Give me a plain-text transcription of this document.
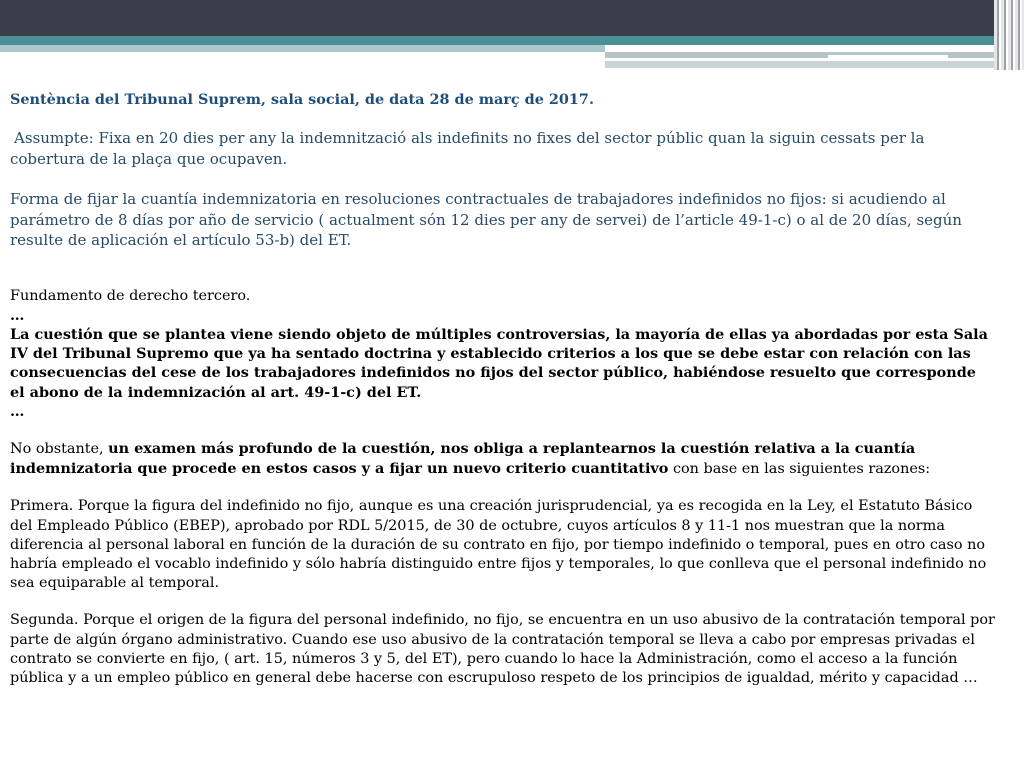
Sentència del Tribunal Suprem, sala social, de data 28 de març de 2017.

Assumpte: Fixa en 20 dies per any la indemnització als indefinits no fixes del sector públic quan la siguin cessats per la cobertura de la plaça que ocupaven.

Forma de fijar la cuantía indemnizatoria en resoluciones contractuales de trabajadores indefinidos no fijos: si acudiendo al parámetro de 8 días por año de servicio ( actualment són 12 dies per any de servei) de l’article 49-1-c) o al de 20 días, según resulte de aplicación el artículo 53-b) del ET.

Fundamento de derecho tercero.

…

La cuestión que se plantea viene siendo objeto de múltiples controversias, la mayoría de ellas ya abordadas por esta Sala IV del Tribunal Supremo que ya ha sentado doctrina y establecido criterios a los que se debe estar con relación con las consecuencias del cese de los trabajadores indefinidos no fijos del sector público, habiéndose resuelto que corresponde el abono de la indemnización al art. 49-1-c) del ET.

…

No obstante, un examen más profundo de la cuestión, nos obliga a replantearnos la cuestión relativa a la cuantía indemnizatoria que procede en estos casos y a fijar un nuevo criterio cuantitativo con base en las siguientes razones:

Primera. Porque la figura del indefinido no fijo, aunque es una creación jurisprudencial, ya es recogida en la Ley, el Estatuto Básico del Empleado Público (EBEP), aprobado por RDL 5/2015, de 30 de octubre, cuyos artículos 8 y 11-1 nos muestran que la norma diferencia al personal laboral en función de la duración de su contrato en fijo, por tiempo indefinido o temporal, pues en otro caso no habría empleado el vocablo indefinido y sólo habría distinguido entre fijos y temporales, lo que conlleva que el personal indefinido no sea equiparable al temporal.

Segunda. Porque el origen de la figura del personal indefinido, no fijo, se encuentra en un uso abusivo de la contratación temporal por parte de algún órgano administrativo. Cuando ese uso abusivo de la contratación temporal se lleva a cabo por empresas privadas el contrato se convierte en fijo, ( art. 15, números 3 y 5, del ET), pero cuando lo hace la Administración, como el acceso a la función pública y a un empleo público en general debe hacerse con escrupuloso respeto de los principios de igualdad, mérito y capacidad …
